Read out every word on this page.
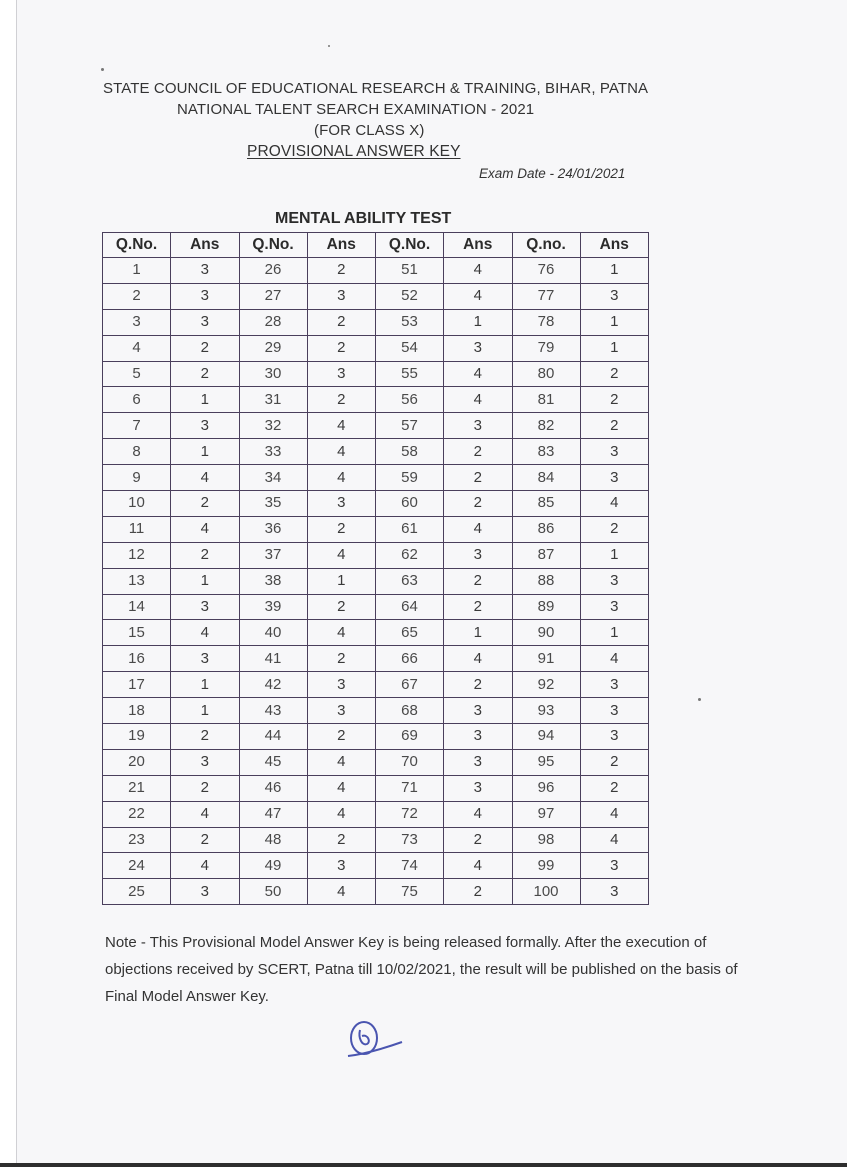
STATE COUNCIL OF EDUCATIONAL RESEARCH & TRAINING, BIHAR, PATNA
NATIONAL TALENT SEARCH EXAMINATION - 2021
(FOR CLASS X)
PROVISIONAL ANSWER KEY
Exam Date - 24/01/2021
MENTAL ABILITY TEST
Q.No.	Ans	Q.No.	Ans	Q.No.	Ans	Q.no.	Ans
1	3	26	2	51	4	76	1
2	3	27	3	52	4	77	3
3	3	28	2	53	1	78	1
4	2	29	2	54	3	79	1
5	2	30	3	55	4	80	2
6	1	31	2	56	4	81	2
7	3	32	4	57	3	82	2
8	1	33	4	58	2	83	3
9	4	34	4	59	2	84	3
10	2	35	3	60	2	85	4
11	4	36	2	61	4	86	2
12	2	37	4	62	3	87	1
13	1	38	1	63	2	88	3
14	3	39	2	64	2	89	3
15	4	40	4	65	1	90	1
16	3	41	2	66	4	91	4
17	1	42	3	67	2	92	3
18	1	43	3	68	3	93	3
19	2	44	2	69	3	94	3
20	3	45	4	70	3	95	2
21	2	46	4	71	3	96	2
22	4	47	4	72	4	97	4
23	2	48	2	73	2	98	4
24	4	49	3	74	4	99	3
25	3	50	4	75	2	100	3
Note - This Provisional Model Answer Key is being released formally. After the execution of objections received by SCERT, Patna till 10/02/2021, the result will be published on the basis of Final Model Answer Key.
